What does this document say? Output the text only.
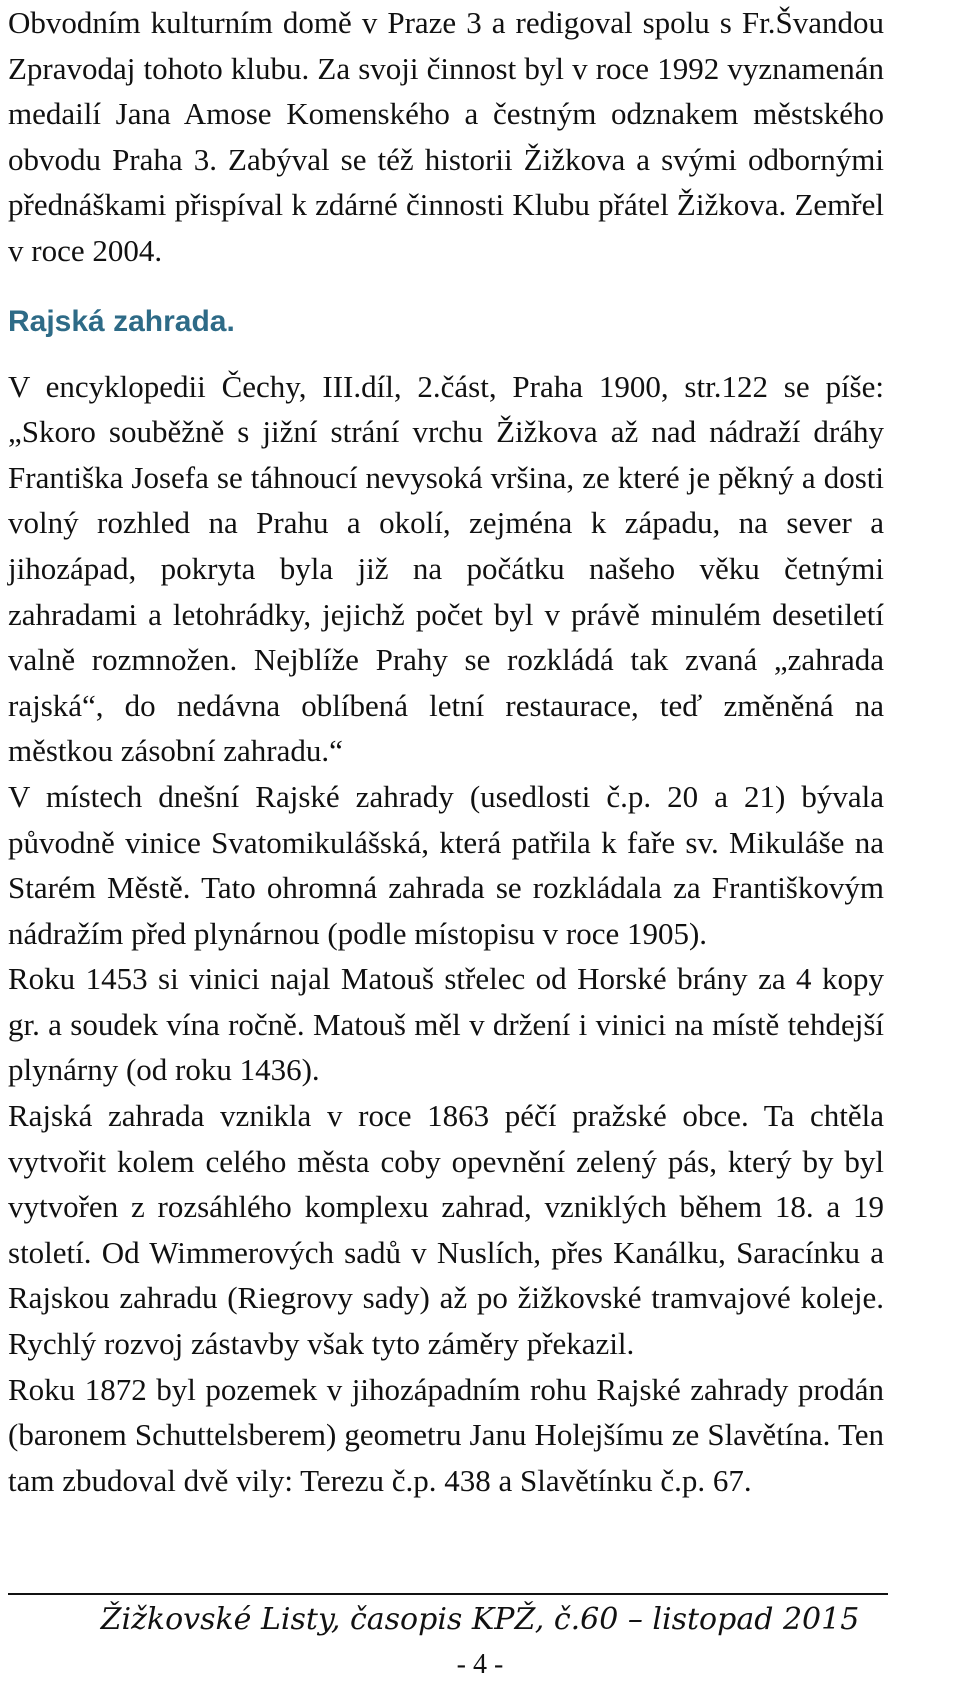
Obvodním kulturním domě v Praze 3 a redigoval spolu s Fr.Švandou Zpravodaj tohoto klubu. Za svoji činnost byl v roce 1992 vyznamenán medailí Jana Amose Komenského a čestným odznakem městského obvodu Praha 3. Zabýval se též historii Žižkova a svými odbornými přednáškami přispíval k zdárné činnosti Klubu přátel Žižkova. Zemřel v roce 2004.

Rajská zahrada.

V encyklopedii Čechy, III.díl, 2.část, Praha 1900, str.122 se píše: „Skoro souběžně s jižní strání vrchu Žižkova až nad nádraží dráhy Františka Josefa se táhnoucí nevysoká vršina, ze které je pěkný a dosti volný rozhled na Prahu a okolí, zejména k západu, na sever a jihozápad, pokryta byla již na počátku našeho věku četnými zahradami a letohrádky, jejichž počet byl v právě minulém desetiletí valně rozmnožen. Nejblíže Prahy se rozkládá tak zvaná „zahrada rajská“, do nedávna oblíbená letní restaurace, teď změněná na městkou zásobní zahradu.“

V místech dnešní Rajské zahrady (usedlosti č.p. 20 a 21) bývala původně vinice Svatomikulášská, která patřila k faře sv. Mikuláše na Starém Městě. Tato ohromná zahrada se rozkládala za Františkovým nádražím před plynárnou (podle místopisu v roce 1905).

Roku 1453 si vinici najal Matouš střelec od Horské brány za 4 kopy gr. a soudek vína ročně. Matouš měl v držení i vinici na místě tehdejší plynárny (od roku 1436).

Rajská zahrada vznikla v roce 1863 péčí pražské obce. Ta chtěla vytvořit kolem celého města coby opevnění zelený pás, který by byl vytvořen z rozsáhlého komplexu zahrad, vzniklých během 18. a 19 století. Od Wimmerových sadů v Nuslích, přes Kanálku, Saracínku a Rajskou zahradu (Riegrovy sady) až po žižkovské tramvajové koleje. Rychlý rozvoj zástavby však tyto záměry překazil.

Roku 1872 byl pozemek v jihozápadním rohu Rajské zahrady prodán (baronem Schuttelsberem) geometru Janu Holejšímu ze Slavětína. Ten tam zbudoval dvě vily: Terezu č.p. 438 a Slavětínku č.p. 67.

Žižkovské Listy, časopis KPŽ, č.60 – listopad 2015
- 4 -
